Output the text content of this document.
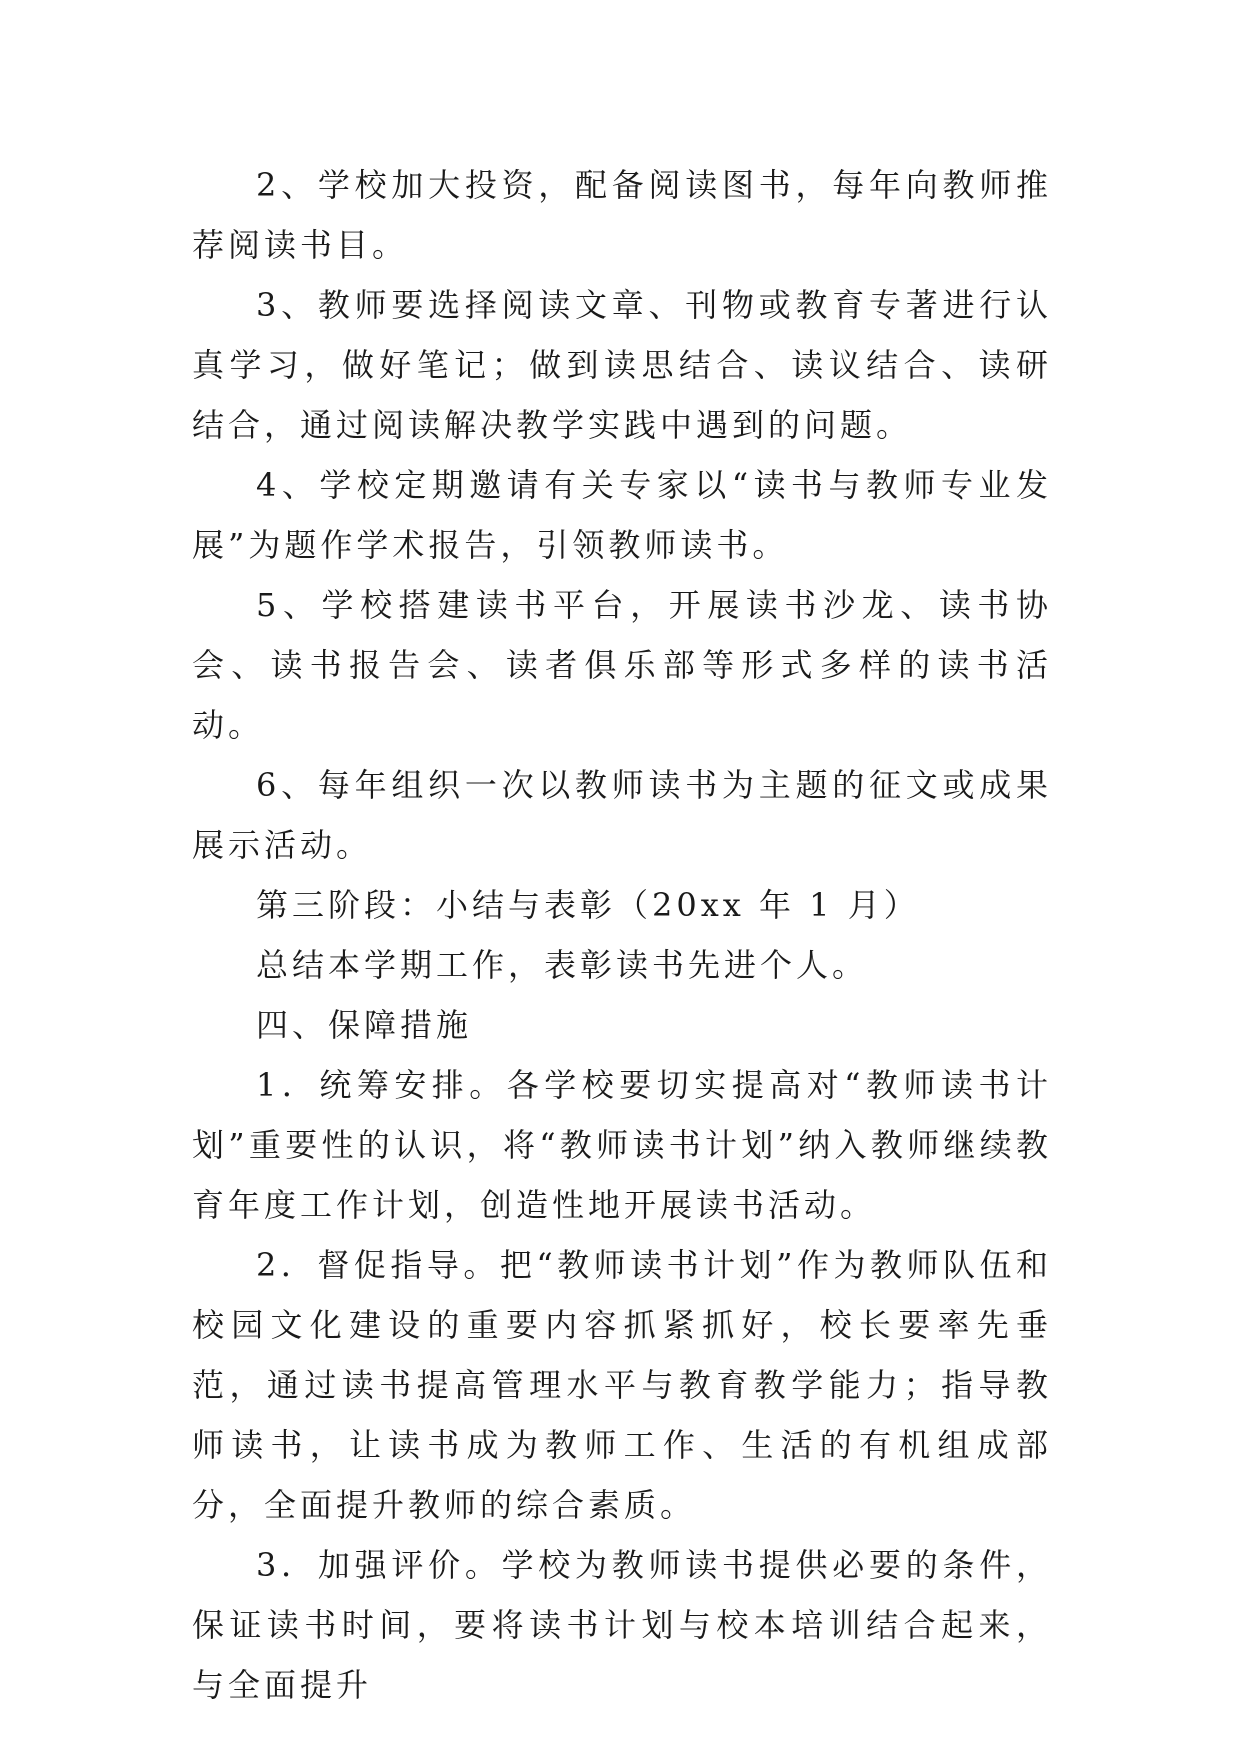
2、学校加大投资，配备阅读图书，每年向教师推荐阅读书目。

3、教师要选择阅读文章、刊物或教育专著进行认真学习，做好笔记；做到读思结合、读议结合、读研结合，通过阅读解决教学实践中遇到的问题。

4、学校定期邀请有关专家以“读书与教师专业发展”为题作学术报告，引领教师读书。

5、学校搭建读书平台，开展读书沙龙、读书协会、读书报告会、读者俱乐部等形式多样的读书活动。

6、每年组织一次以教师读书为主题的征文或成果展示活动。

第三阶段：小结与表彰（20xx 年 1 月）

总结本学期工作，表彰读书先进个人。

四、保障措施

1．统筹安排。各学校要切实提高对“教师读书计划”重要性的认识，将“教师读书计划”纳入教师继续教育年度工作计划，创造性地开展读书活动。

2．督促指导。把“教师读书计划”作为教师队伍和校园文化建设的重要内容抓紧抓好，校长要率先垂范，通过读书提高管理水平与教育教学能力；指导教师读书，让读书成为教师工作、生活的有机组成部分，全面提升教师的综合素质。

3．加强评价。学校为教师读书提供必要的条件，保证读书时间，要将读书计划与校本培训结合起来，与全面提升
